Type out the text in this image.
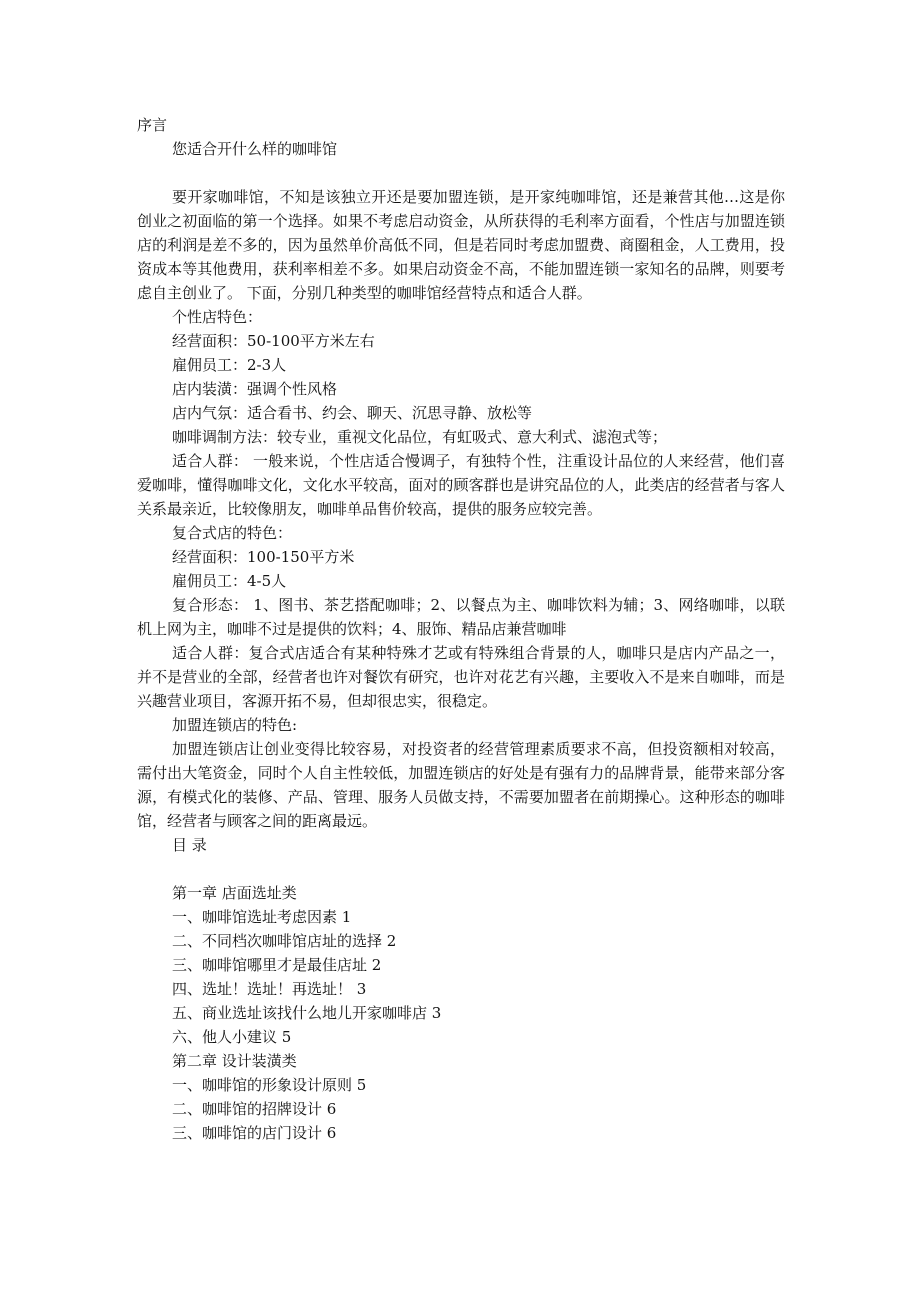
序言

您适合开什么样的咖啡馆

要开家咖啡馆，不知是该独立开还是要加盟连锁，是开家纯咖啡馆，还是兼营其他…这是你创业之初面临的第一个选择。如果不考虑启动资金，从所获得的毛利率方面看，个性店与加盟连锁店的利润是差不多的，因为虽然单价高低不同，但是若同时考虑加盟费、商圈租金，人工费用，投资成本等其他费用，获利率相差不多。如果启动资金不高，不能加盟连锁一家知名的品牌，则要考虑自主创业了。 下面，分别几种类型的咖啡馆经营特点和适合人群。

个性店特色：

经营面积：50-100平方米左右

雇佣员工：2-3人

店内装潢：强调个性风格

店内气氛：适合看书、约会、聊天、沉思寻静、放松等

咖啡调制方法：较专业，重视文化品位，有虹吸式、意大利式、滤泡式等；

适合人群： 一般来说，个性店适合慢调子，有独特个性，注重设计品位的人来经营，他们喜爱咖啡，懂得咖啡文化，文化水平较高，面对的顾客群也是讲究品位的人，此类店的经营者与客人关系最亲近，比较像朋友，咖啡单品售价较高，提供的服务应较完善。

复合式店的特色：

经营面积：100-150平方米

雇佣员工：4-5人

复合形态： 1、图书、茶艺搭配咖啡；2、以餐点为主、咖啡饮料为辅；3、网络咖啡，以联机上网为主，咖啡不过是提供的饮料；4、服饰、精品店兼营咖啡

适合人群：复合式店适合有某种特殊才艺或有特殊组合背景的人，咖啡只是店内产品之一，并不是营业的全部，经营者也许对餐饮有研究，也许对花艺有兴趣，主要收入不是来自咖啡，而是兴趣营业项目，客源开拓不易，但却很忠实，很稳定。

加盟连锁店的特色:

加盟连锁店让创业变得比较容易，对投资者的经营管理素质要求不高，但投资额相对较高，需付出大笔资金，同时个人自主性较低，加盟连锁店的好处是有强有力的品牌背景，能带来部分客源，有模式化的装修、产品、管理、服务人员做支持，不需要加盟者在前期操心。这种形态的咖啡馆，经营者与顾客之间的距离最远。

目 录

第一章 店面选址类

一、咖啡馆选址考虑因素 1

二、不同档次咖啡馆店址的选择 2

三、咖啡馆哪里才是最佳店址 2

四、选址！选址！再选址！ 3

五、商业选址该找什么地儿开家咖啡店 3

六、他人小建议 5

第二章 设计装潢类

一、咖啡馆的形象设计原则 5

二、咖啡馆的招牌设计 6

三、咖啡馆的店门设计 6
